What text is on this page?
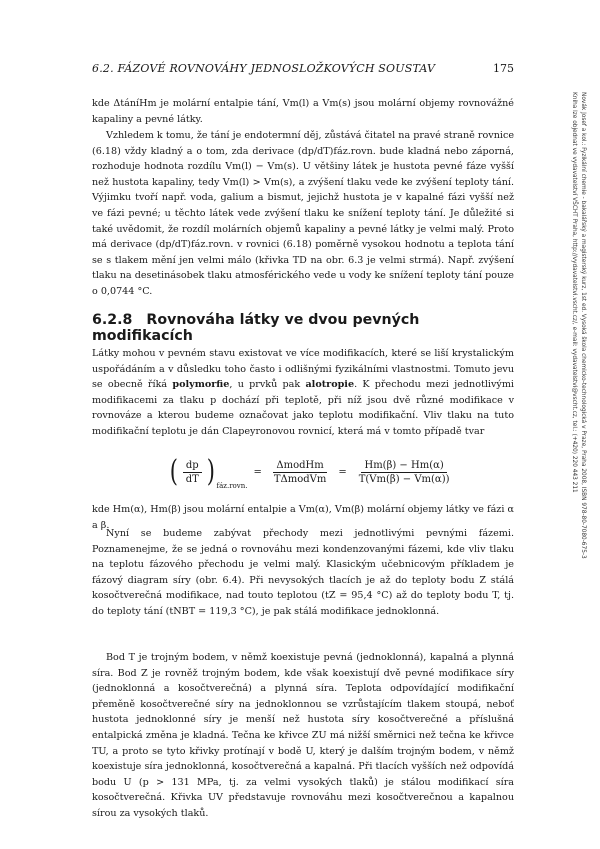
6.2. FÁZOVÉ ROVNOVÁHY JEDNOSLOŽKOVÝCH SOUSTAV	175

kde ΔtáníHm je molární entalpie tání, Vm(l) a Vm(s) jsou molární objemy rovnovážné kapaliny a pevné látky.

Vzhledem k tomu, že tání je endotermní děj, zůstává čitatel na pravé straně rovnice (6.18) vždy kladný a o tom, zda derivace (dp/dT)fáz.rovn. bude kladná nebo záporná, rozhoduje hodnota rozdílu Vm(l) − Vm(s). U většiny látek je hustota pevné fáze vyšší než hustota kapaliny, tedy Vm(l) > Vm(s), a zvýšení tlaku vede ke zvýšení teploty tání. Výjimku tvoří např. voda, galium a bismut, jejichž hustota je v kapalné fázi vyšší než ve fázi pevné; u těchto látek vede zvýšení tlaku ke snížení teploty tání. Je důležité si také uvědomit, že rozdíl molárních objemů kapaliny a pevné látky je velmi malý. Proto má derivace (dp/dT)fáz.rovn. v rovnici (6.18) poměrně vysokou hodnotu a teplota tání se s tlakem mění jen velmi málo (křivka TD na obr. 6.3 je velmi strmá). Např. zvýšení tlaku na desetinásobek tlaku atmosférického vede u vody ke snížení teploty tání pouze o 0,0744 °C.

6.2.8 Rovnováha látky ve dvou pevných modifikacích

Látky mohou v pevném stavu existovat ve více modifikacích, které se liší krystalickým uspořádáním a v důsledku toho často i odlišnými fyzikálními vlastnostmi. Tomuto jevu se obecně říká polymorfie, u prvků pak alotropie. K přechodu mezi jednotlivými modifikacemi za tlaku p dochází při teplotě, při níž jsou dvě různé modifikace v rovnováze a kterou budeme označovat jako teplotu modifikační. Vliv tlaku na tuto modifikační teplotu je dán Clapeyronovou rovnicí, která má v tomto případě tvar

( $\frac{dp}{dT}$ ) fáz.rovn.
= $\frac{\text{ΔmodHm}}{\text{TΔmodVm}} = \frac{Hm(\beta) - Hm(\alpha)}{T(Vm(\beta) - Vm(\alpha))}$

kde Hm(α), Hm(β) jsou molární entalpie a Vm(α), Vm(β) molární objemy látky ve fázi α a β.

Nyní se budeme zabývat přechody mezi jednotlivými pevnými fázemi. Poznamenejme, že se jedná o rovnováhu mezi kondenzovanými fázemi, kde vliv tlaku na teplotu fázového přechodu je velmi malý. Klasickým učebnicovým příkladem je fázový diagram síry (obr. 6.4). Při nevysokých tlacích je až do teploty bodu Z stálá kosočtverečná modifikace, nad touto teplotou (tZ = 95,4 °C) až do teploty bodu T, tj. do teploty tání (tNBT = 119,3 °C), je pak stálá modifikace jednoklonná.

Bod T je trojným bodem, v němž koexistuje pevná (jednoklonná), kapalná a plynná síra. Bod Z je rovněž trojným bodem, kde však koexistují dvě pevné modifikace síry (jednoklonná a kosočtverečná) a plynná síra. Teplota odpovídající modifikační přeměně kosočtverečné síry na jednoklonnou se vzrůstajícím tlakem stoupá, neboť hustota jednoklonné síry je menší než hustota síry kosočtverečné a příslušná entalpická změna je kladná. Tečna ke křivce ZU má nižší směrnici než tečna ke křivce TU, a proto se tyto křivky protínají v bodě U, který je dalším trojným bodem, v němž koexistuje síra jednoklonná, kosočtverečná a kapalná. Při tlacích vyšších než odpovídá bodu U (p > 131 MPa, tj. za velmi vysokých tlaků) je stálou modifikací síra kosočtverečná. Křivka UV představuje rovnováhu mezi kosočtverečnou a kapalnou sírou za vysokých tlaků.

Novák Josef a kol.: Fyzikální chemie - bakalářský a magisterský kurz, 1st ed. Vysoká škola chemicko-technologická v Praze, Praha 2008, ISBN 978-80-7080-675-3
Kniha lze objednat ve vydavatelství VŠCHT Praha, http://vydavatelstvi.vscht.cz/, e-mail: vydavatelstvi@vscht.cz, tel.: (+420) 220 443 211
